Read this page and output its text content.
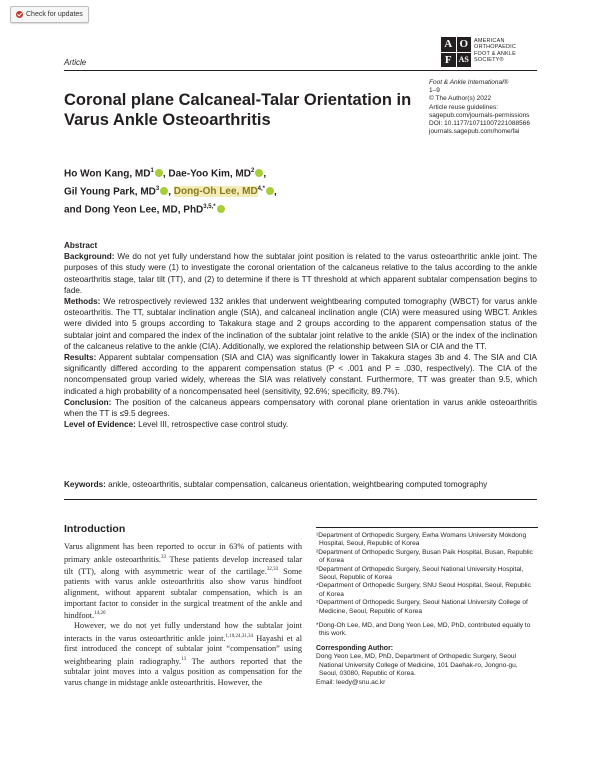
Check for updates
Article
A O
F AS
AMERICAN
ORTHOPAEDIC
FOOT & ANKLE
SOCIETY®
Foot & Ankle International®
1–9
© The Author(s) 2022
Article reuse guidelines:
sagepub.com/journals-permissions
DOI: 10.1177/10711007221088566
journals.sagepub.com/home/fai
Coronal plane Calcaneal-Talar Orientation in Varus Ankle Osteoarthritis
Ho Won Kang, $MD^1$ , Dae-Yoo Kim, $MD^2$ ,
Gil Young Park, $MD^3$ , Dong-Oh Lee, $MD^{4,*}$ ,
and Dong Yeon Lee, MD, PhD$^{3,5,*}$

Abstract

Background: We do not yet fully understand how the subtalar joint position is related to the varus osteoarthritic ankle joint. The purposes of this study were (1) to investigate the coronal orientation of the calcaneus relative to the talus according to the ankle osteoarthritis stage, talar tilt (TT), and (2) to determine if there is TT threshold at which apparent subtalar compensation begins to fade.

Methods: We retrospectively reviewed 132 ankles that underwent weightbearing computed tomography (WBCT) for varus ankle osteoarthritis. The TT, subtalar inclination angle (SIA), and calcaneal inclination angle (CIA) were measured using WBCT. Ankles were divided into 5 groups according to Takakura stage and 2 groups according to the apparent compensation status of the subtalar joint and compared the index of the inclination of the subtalar joint relative to the ankle (SIA) or the index of the inclination of the calcaneus relative to the ankle (CIA). Additionally, we explored the relationship between SIA or CIA and the TT.

Results: Apparent subtalar compensation (SIA and CIA) was significantly lower in Takakura stages 3b and 4. The SIA and CIA significantly differed according to the apparent compensation status (P < .001 and P = .030, respectively). The CIA of the noncompensated group varied widely, whereas the SIA was relatively constant. Furthermore, TT was greater than 9.5, which indicated a high probability of a noncompensated heel (sensitivity, 92.6%; specificity, 89.7%).

Conclusion: The position of the calcaneus appears compensatory with coronal plane orientation in varus ankle osteoarthritis when the TT is ≤9.5 degrees.

Level of Evidence: Level III, retrospective case control study.

Keywords: ankle, osteoarthritis, subtalar compensation, calcaneus orientation, weightbearing computed tomography
Introduction

Varus alignment has been reported to occur in 63% of patients with primary ankle osteoarthritis.$^{33}$ These patients develop increased talar tilt (TT), along with asymmetric wear of the cartilage.$^{32,33}$ Some patients with varus ankle osteoarthritis also show varus hindfoot alignment, without apparent subtalar compensation, which is an important factor to consider in the surgical treatment of the ankle and hindfoot.$^{14,20}$

However, we do not yet fully understand how the subtalar joint interacts in the varus osteoarthritic ankle joint.$^{1,10,24,31,34}$ Hayashi et al first introduced the concept of subtalar joint “compensation” using weightbearing plain radiography.$^{13}$ The authors reported that the subtalar joint moves into a valgus position as compensation for the varus change in midstage ankle osteoarthritis. However, the

¹Department of Orthopedic Surgery, Ewha Womans University Mokdong Hospital, Seoul, Republic of Korea

²Department of Orthopedic Surgery, Busan Paik Hospital, Busan, Republic of Korea

³Department of Orthopedic Surgery, Seoul National University Hospital, Seoul, Republic of Korea

⁴Department of Orthopedic Surgery, SNU Seoul Hospital, Seoul, Republic of Korea

⁵Department of Orthopedic Surgery, Seoul National University College of Medicine, Seoul, Republic of Korea

*Dong-Oh Lee, MD, and Dong Yeon Lee, MD, PhD, contributed equally to this work.

Corresponding Author:

Dong Yeon Lee, MD, PhD, Department of Orthopedic Surgery, Seoul National University College of Medicine, 101 Daehak-ro, Jongno-gu, Seoul, 03080, Republic of Korea.

Email: leedy@snu.ac.kr
